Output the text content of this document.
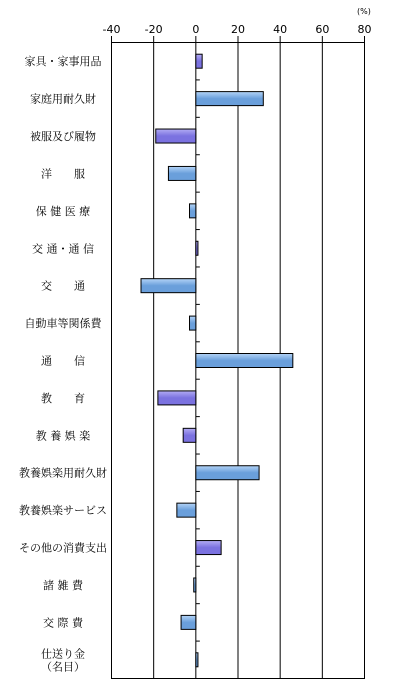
(%)
-40 -20	0	20	40	60	80
家具・家事用品
家庭用耐久財
被服及び履物
洋　　服
保 健 医 療
交 通・通 信
交　　通
自動車等関係費
通　　信
教　　育
教 養 娯 楽
教養娯楽用耐久財
教養娯楽サービス
その他の消費支出
諸 雑 費
交 際 費
仕送り金
（名目）
